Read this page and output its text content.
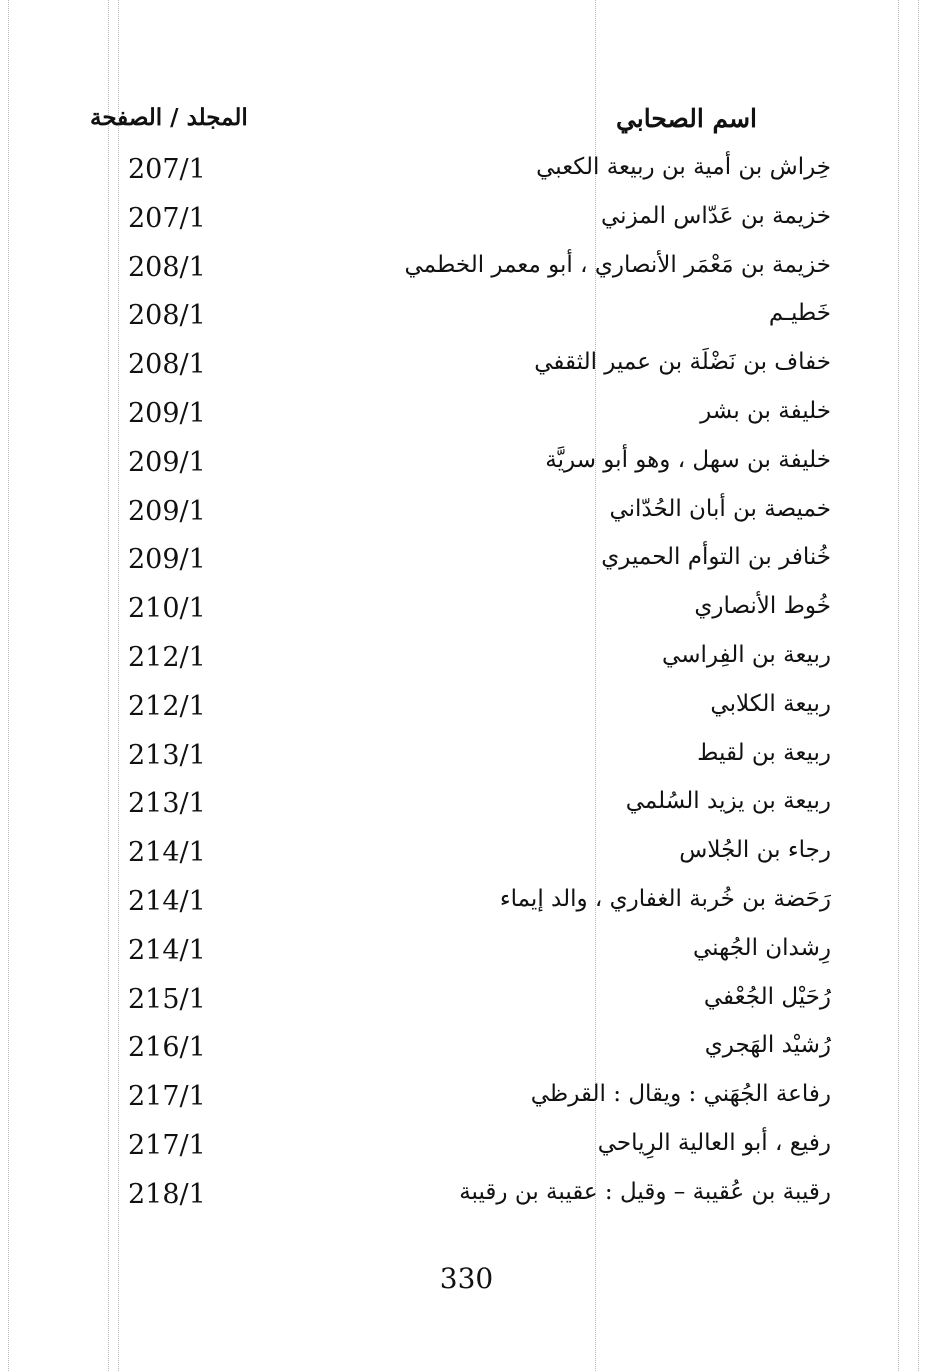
اسم الصحابي
المجلد / الصفحة
خِراش بن أمية بن ربيعة الكعبي
207/1
خزيمة بن عَدّاس المزني
207/1
خزيمة بن مَعْمَر الأنصاري ، أبو معمر الخطمي
208/1
خَطيـم
208/1
خفاف بن نَضْلَة بن عمير الثقفي
208/1
خليفة بن بشر
209/1
خليفة بن سهل ، وهو أبو سريَّة
209/1
خميصة بن أبان الحُدّاني
209/1
خُنافر بن التوأم الحميري
209/1
خُوط الأنصاري
210/1
ربيعة بن الفِراسي
212/1
ربيعة الكلابي
212/1
ربيعة بن لقيط
213/1
ربيعة بن يزيد السُلمي
213/1
رجاء بن الجُلاس
214/1
رَحَضة بن خُربة الغفاري ، والد إيماء
214/1
رِشدان الجُهني
214/1
رُحَيْل الجُعْفي
215/1
رُشيْد الهَجري
216/1
رفاعة الجُهَني : ويقال : القرظي
217/1
رفيع ، أبو العالية الرِياحي
217/1
رقيبة بن عُقيبة – وقيل : عقيبة بن رقيبة
218/1
330
